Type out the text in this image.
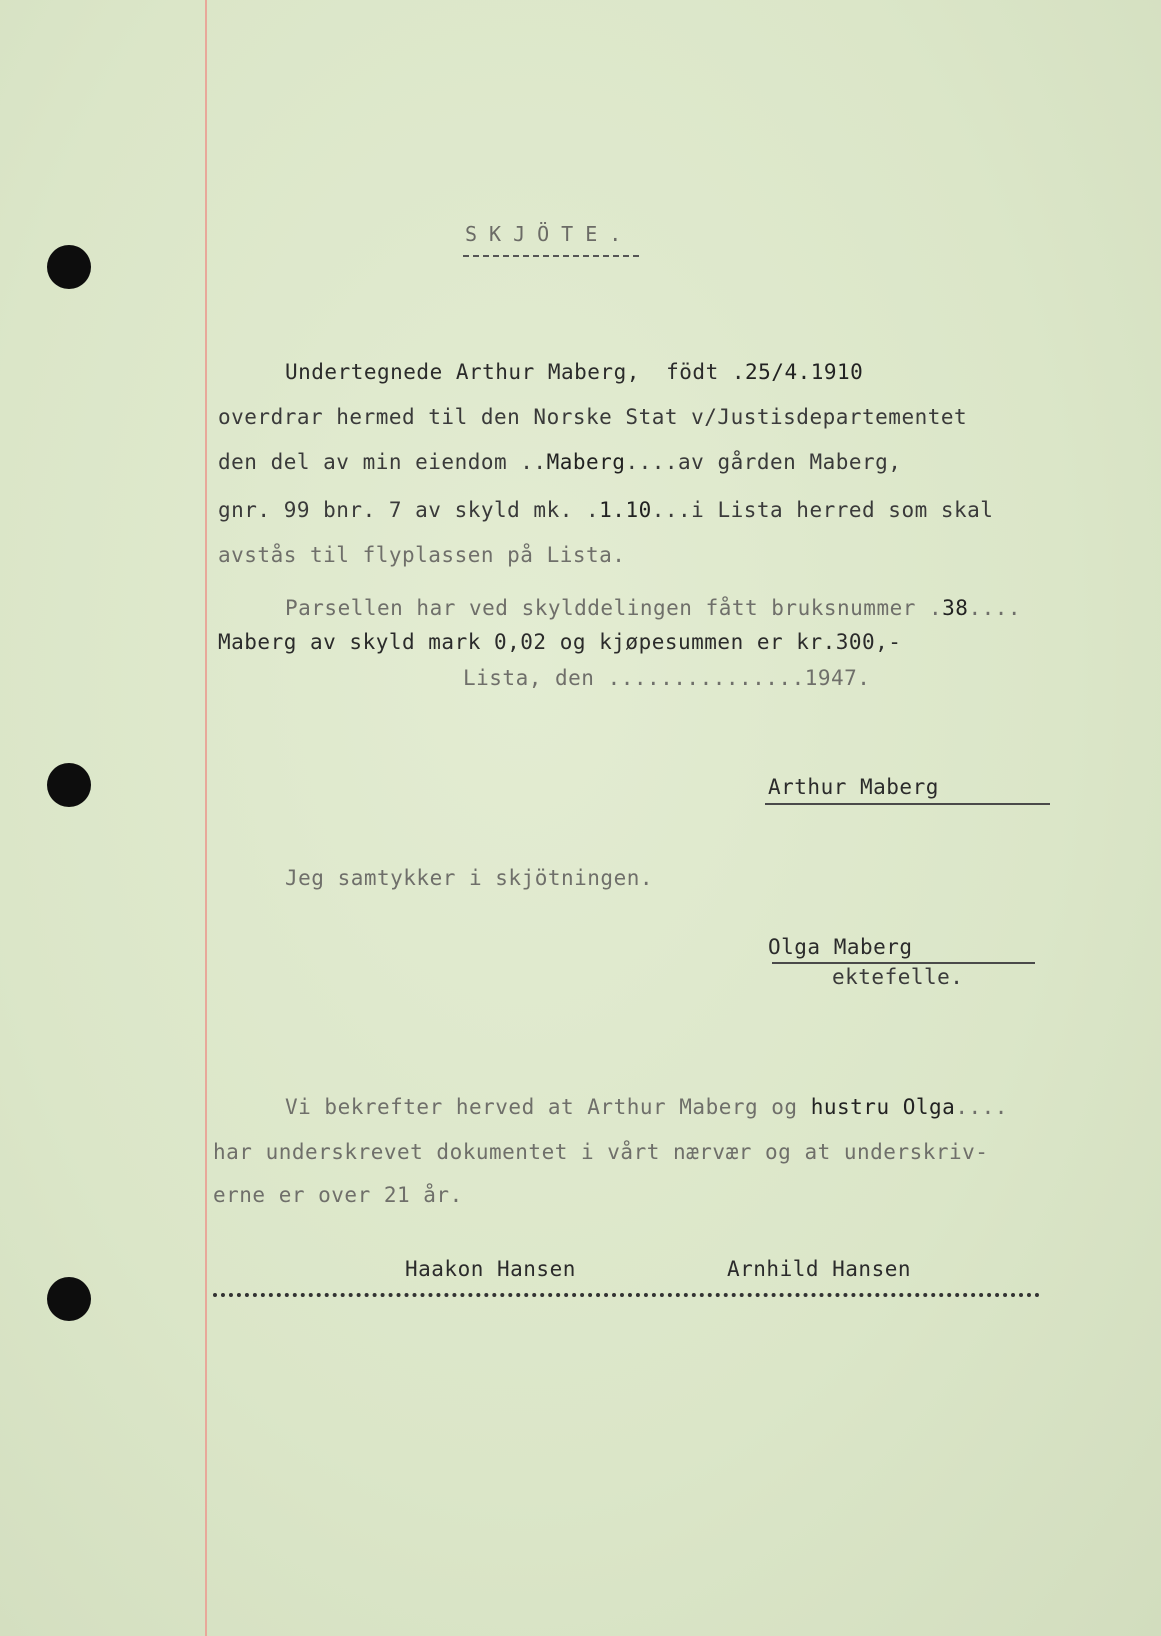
SKJÖTE.
Undertegnede Arthur Maberg,  födt .25/4.1910
overdrar hermed til den Norske Stat v/Justisdepartementet
den del av min eiendom ..Maberg....av gården Maberg,
gnr. 99 bnr. 7 av skyld mk. .1.10...i Lista herred som skal
avstås til flyplassen på Lista.
Parsellen har ved skylddelingen fått bruksnummer .38....
Maberg av skyld mark 0,02 og kjøpesummen er kr.300,-
Lista, den ...............1947.
Arthur Maberg
Jeg samtykker i skjötningen.
Olga Maberg
ektefelle.
Vi bekrefter herved at Arthur Maberg og hustru Olga....
har underskrevet dokumentet i vårt nærvær og at underskriv-
erne er over 21 år.
Haakon Hansen	Arnhild Hansen
